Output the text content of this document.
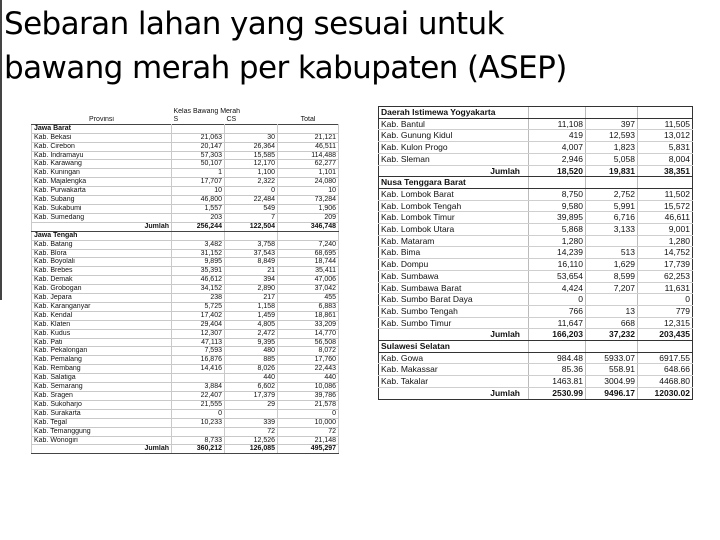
Sebaran lahan yang sesuai untuk
bawang merah per kabupaten (ASEP)
	Kelas Bawang Merah		
Provinsi	S	CS	Total
Jawa Barat			
Kab. Bekasi	21,063	30	21,121
Kab. Cirebon	20,147	26,364	46,511
Kab. Indramayu	57,303	15,585	114,488
Kab. Karawang	50,107	12,170	62,277
Kab. Kuningan	1	1,100	1,101
Kab. Majalengka	17,707	2,322	24,080
Kab. Purwakarta	10	0	10
Kab. Subang	46,800	22,484	73,284
Kab. Sukabumi	1,557	549	1,906
Kab. Sumedang	203	7	209
Jumlah	256,244	122,504	346,748
Jawa Tengah			
Kab. Batang	3,482	3,758	7,240
Kab. Blora	31,152	37,543	68,695
Kab. Boyolali	9,895	8,849	18,744
Kab. Brebes	35,391	21	35,411
Kab. Demak	46,612	394	47,006
Kab. Grobogan	34,152	2,890	37,042
Kab. Jepara	238	217	455
Kab. Karanganyar	5,725	1,158	6,883
Kab. Kendal	17,402	1,459	18,861
Kab. Klaten	29,404	4,805	33,209
Kab. Kudus	12,307	2,472	14,770
Kab. Pati	47,113	9,395	56,508
Kab. Pekalongan	7,593	480	8,072
Kab. Pemalang	16,876	885	17,760
Kab. Rembang	14,416	8,026	22,443
Kab. Salatiga		440	440
Kab. Semarang	3,884	6,602	10,086
Kab. Sragen	22,407	17,379	39,786
Kab. Sukoharjo	21,555	29	21,578
Kab. Surakarta	0		0
Kab. Tegal	10,233	339	10,000
Kab. Temanggung		72	72
Kab. Wonogiri	8,733	12,526	21,148
Jumlah	360,212	126,085	495,297
Daerah Istimewa Yogyakarta			
Kab. Bantul	11,108	397	11,505
Kab. Gunung Kidul	419	12,593	13,012
Kab. Kulon Progo	4,007	1,823	5,831
Kab. Sleman	2,946	5,058	8,004
Jumlah	18,520	19,831	38,351
Nusa Tenggara Barat			
Kab. Lombok Barat	8,750	2,752	11,502
Kab. Lombok Tengah	9,580	5,991	15,572
Kab. Lombok Timur	39,895	6,716	46,611
Kab. Lombok Utara	5,868	3,133	9,001
Kab. Mataram	1,280		1,280
Kab. Bima	14,239	513	14,752
Kab. Dompu	16,110	1,629	17,739
Kab. Sumbawa	53,654	8,599	62,253
Kab. Sumbawa Barat	4,424	7,207	11,631
Kab. Sumbo Barat Daya	0		0
Kab. Sumbo Tengah	766	13	779
Kab. Sumbo Timur	11,647	668	12,315
Jumlah	166,203	37,232	203,435
Sulawesi Selatan			
Kab. Gowa	984.48	5933.07	6917.55
Kab. Makassar	85.36	558.91	648.66
Kab. Takalar	1463.81	3004.99	4468.80
Jumlah	2530.99	9496.17	12030.02
